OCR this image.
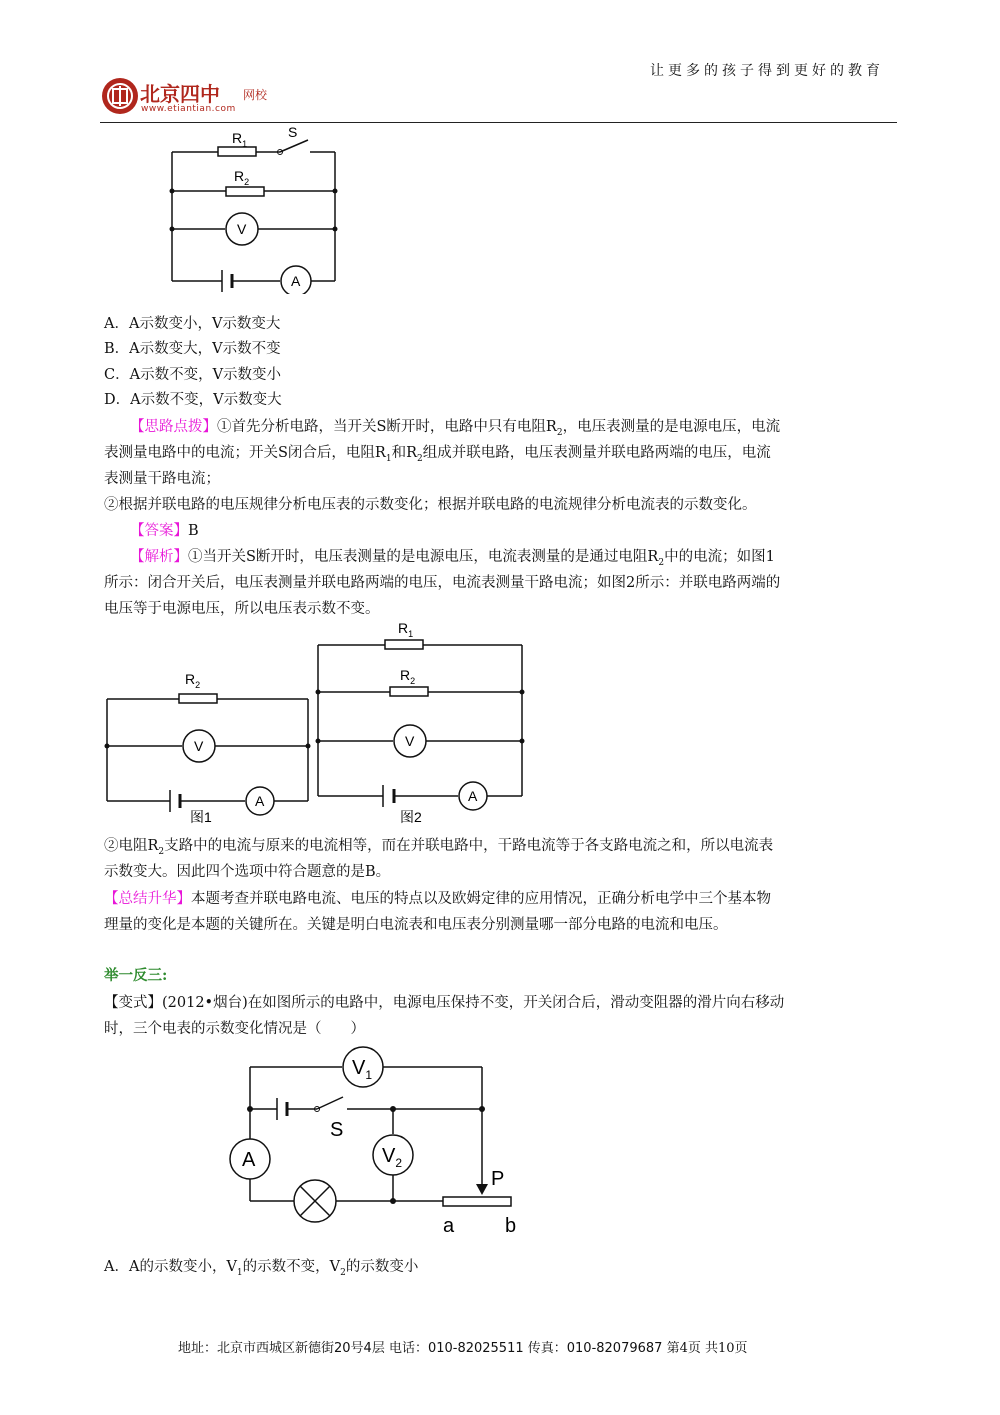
让更多的孩子得到更好的教育
北京四中 网校
www.etiantian.com
$R_1$
S
$R_2$
V
A
A．A示数变小，V示数变大
B．A示数变大，V示数不变
C．A示数不变，V示数变小
D．A示数不变，V示数变大
【思路点拨】①首先分析电路，当开关S断开时，电路中只有电阻$R_2$，电压表测量的是电源电压，电流
表测量电路中的电流；开关S闭合后，电阻$R_1$和$R_2$组成并联电路，电压表测量并联电路两端的电压，电流
表测量干路电流；
②根据并联电路的电压规律分析电压表的示数变化；根据并联电路的电流规律分析电流表的示数变化。
【答案】B
【解析】①当开关S断开时，电压表测量的是电源电压，电流表测量的是通过电阻$R_2$中的电流；如图1
所示：闭合开关后，电压表测量并联电路两端的电压，电流表测量干路电流；如图2所示：并联电路两端的
电压等于电源电压，所以电压表示数不变。
$R_2$
V
A
图1
$R_1$
$R_2$
V
A
图2
②电阻$R_2$支路中的电流与原来的电流相等，而在并联电路中，干路电流等于各支路电流之和，所以电流表
示数变大。因此四个选项中符合题意的是B。
【总结升华】本题考查并联电路电流、电压的特点以及欧姆定律的应用情况，正确分析电学中三个基本物
理量的变化是本题的关键所在。关键是明白电流表和电压表分别测量哪一部分电路的电流和电压。
举一反三:
【变式】(2012•烟台)在如图所示的电路中，电源电压保持不变，开关闭合后，滑动变阻器的滑片向右移动
时，三个电表的示数变化情况是（　　）
$V_1$
$V_2$
A
S
P
a	b
A．A的示数变小，$V_1$的示数不变，$V_2$的示数变小
地址：北京市西城区新德街20号4层 电话：010-82025511 传真：010-82079687 第4页 共10页
